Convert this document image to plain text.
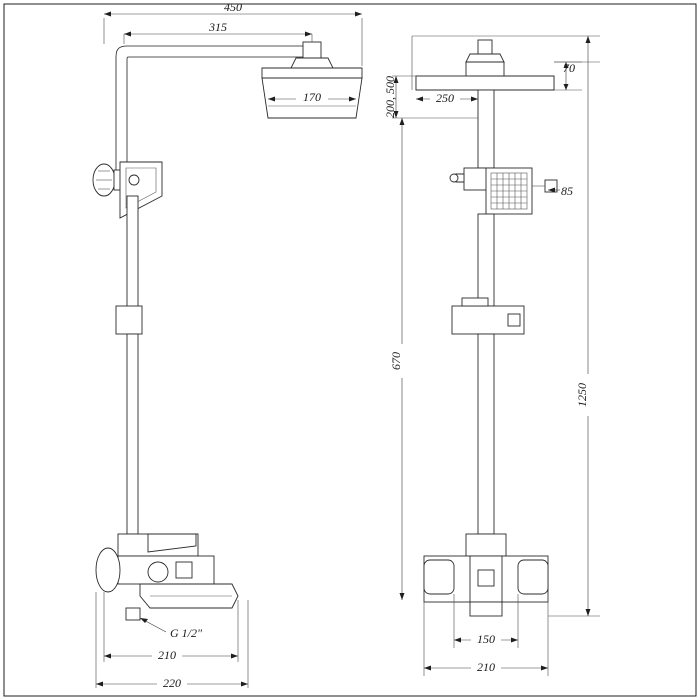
450
315
170
G 1/2"
210
220
200, 500	250
70
85
670
1250
150
210
